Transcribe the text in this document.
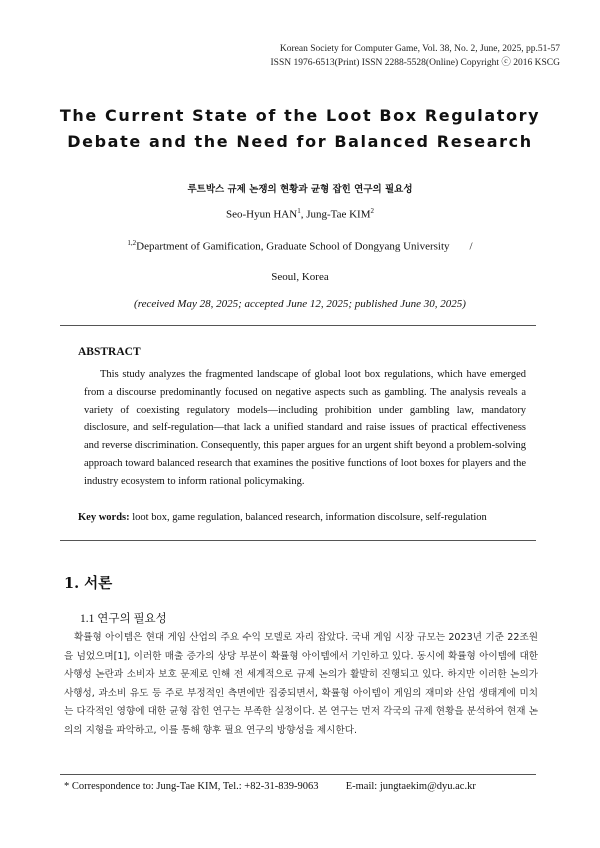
Korean Society for Computer Game, Vol. 38, No. 2, June, 2025, pp.51-57
ISSN 1976-6513(Print) ISSN 2288-5528(Online) Copyright ⓒ 2016 KSCG
The Current State of the Loot Box Regulatory
Debate and the Need for Balanced Research
루트박스 규제 논쟁의 현황과 균형 잡힌 연구의 필요성
Seo-Hyun HAN$^1$, Jung-Tae KIM$^2$
$^{1,2}$Department of Gamification, Graduate School of Dongyang University /
Seoul, Korea
(received May 28, 2025; accepted June 12, 2025; published June 30, 2025)
ABSTRACT
This study analyzes the fragmented landscape of global loot box regulations, which have emerged from a discourse predominantly focused on negative aspects such as gambling. The analysis reveals a variety of coexisting regulatory models—including prohibition under gambling law, mandatory disclosure, and self-regulation—that lack a unified standard and raise issues of practical effectiveness and reverse discrimination. Consequently, this paper argues for an urgent shift beyond a problem-solving approach toward balanced research that examines the positive functions of loot boxes for players and the industry ecosystem to inform rational policymaking.
Key words: loot box, game regulation, balanced research, information discolsure, self-regulation
1. 서론
1.1 연구의 필요성
확률형 아이템은 현대 게임 산업의 주요 수익 모델로 자리 잡았다. 국내 게임 시장 규모는 2023년 기준 22조원을 넘었으며[1], 이러한 매출 증가의 상당 부분이 확률형 아이템에서 기인하고 있다. 동시에 확률형 아이템에 대한 사행성 논란과 소비자 보호 문제로 인해 전 세계적으로 규제 논의가 활발히 진행되고 있다. 하지만 이러한 논의가 사행성, 과소비 유도 등 주로 부정적인 측면에만 집중되면서, 확률형 아이템이 게임의 재미와 산업 생태계에 미치는 다각적인 영향에 대한 균형 잡힌 연구는 부족한 실정이다. 본 연구는 먼저 각국의 규제 현황을 분석하여 현재 논의의 지형을 파악하고, 이를 통해 향후 필요 연구의 방향성을 제시한다.
* Correspondence to: Jung-Tae KIM, Tel.: +82-31-839-9063	E-mail: jungtaekim@dyu.ac.kr
